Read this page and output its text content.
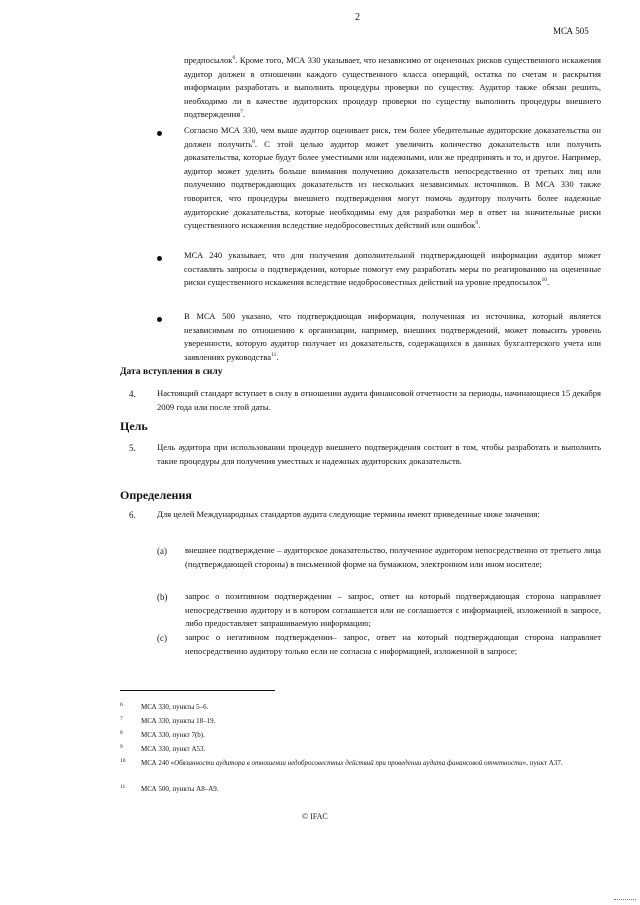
2
МСА 505

предпосылок$^6$. Кроме того, МСА 330 указывает, что независимо от оцененных рисков существенного искажения аудитор должен в отношении каждого существенного класса операций, остатка по счетам и раскрытия информации разработать и выполнить процедуры проверки по существу. Аудитор также обязан решить, необходимо ли в качестве аудиторских процедур проверки по существу выполнить процедуры внешнего подтверждения$^7$.

Согласно МСА 330, чем выше аудитор оценивает риск, тем более убедительные аудиторские доказательства он должен получить$^8$. С этой целью аудитор может увеличить количество доказательств или получить доказательства, которые будут более уместными или надежными, или же предпринять и то, и другое. Например, аудитор может уделить больше внимания получению доказательств непосредственно от третьих лиц или получению подтверждающих доказательств из нескольких независимых источников. В МСА 330 также говорится, что процедуры внешнего подтверждения могут помочь аудитору получить более надежные аудиторские доказательства, которые необходимы ему для разработки мер в ответ на значительные риски существенного искажения вследствие недобросовестных действий или ошибок$^9$.

МСА 240 указывает, что для получения дополнительной подтверждающей информации аудитор может составлять запросы о подтверждении, которые помогут ему разработать меры по реагированию на оцененные риски существенного искажения вследствие недобросовестных действий на уровне предпосылок$^{10}$.

В МСА 500 указано, что подтверждающая информация, полученная из источника, который является независимым по отношению к организации, например, внешних подтверждений, может повысить уровень уверенности, которую аудитор получает из доказательств, содержащихся в данных бухгалтерского учета или заявлениях руководства$^{11}$.

Дата вступления в силу
4. Настоящий стандарт вступает в силу в отношении аудита финансовой отчетности за периоды, начинающиеся 15 декабря 2009 года или после этой даты.

Цель
5. Цель аудитора при использовании процедур внешнего подтверждения состоит в том, чтобы разработать и выполнить такие процедуры для получения уместных и надежных аудиторских доказательств.

Определения
6. Для целей Международных стандартов аудита следующие термины имеют приведенные ниже значения:

(a) внешнее подтверждение – аудиторское доказательство, полученное аудитором непосредственно от третьего лица (подтверждающей стороны) в письменной форме на бумажном, электронном или ином носителе;

(b) запрос о позитивном подтверждении – запрос, ответ на который подтверждающая сторона направляет непосредственно аудитору и в котором соглашается или не соглашается с информацией, изложенной в запросе, либо предоставляет запрашиваемую информацию;

(c) запрос о негативном подтверждении– запрос, ответ на который подтверждающая сторона направляет непосредственно аудитору только если не согласна с информацией, изложенной в запросе;

6	МСА 330, пункты 5–6.
7	МСА 330, пункты 18–19.
8	МСА 330, пункт 7(b).
9	МСА 330, пункт А53.
10 МСА 240 «Обязанности аудитора в отношении недобросовестных действий при проведении аудита финансовой отчетности», пункт А37.
11 МСА 500, пункты А8–А9.
© IFAC
